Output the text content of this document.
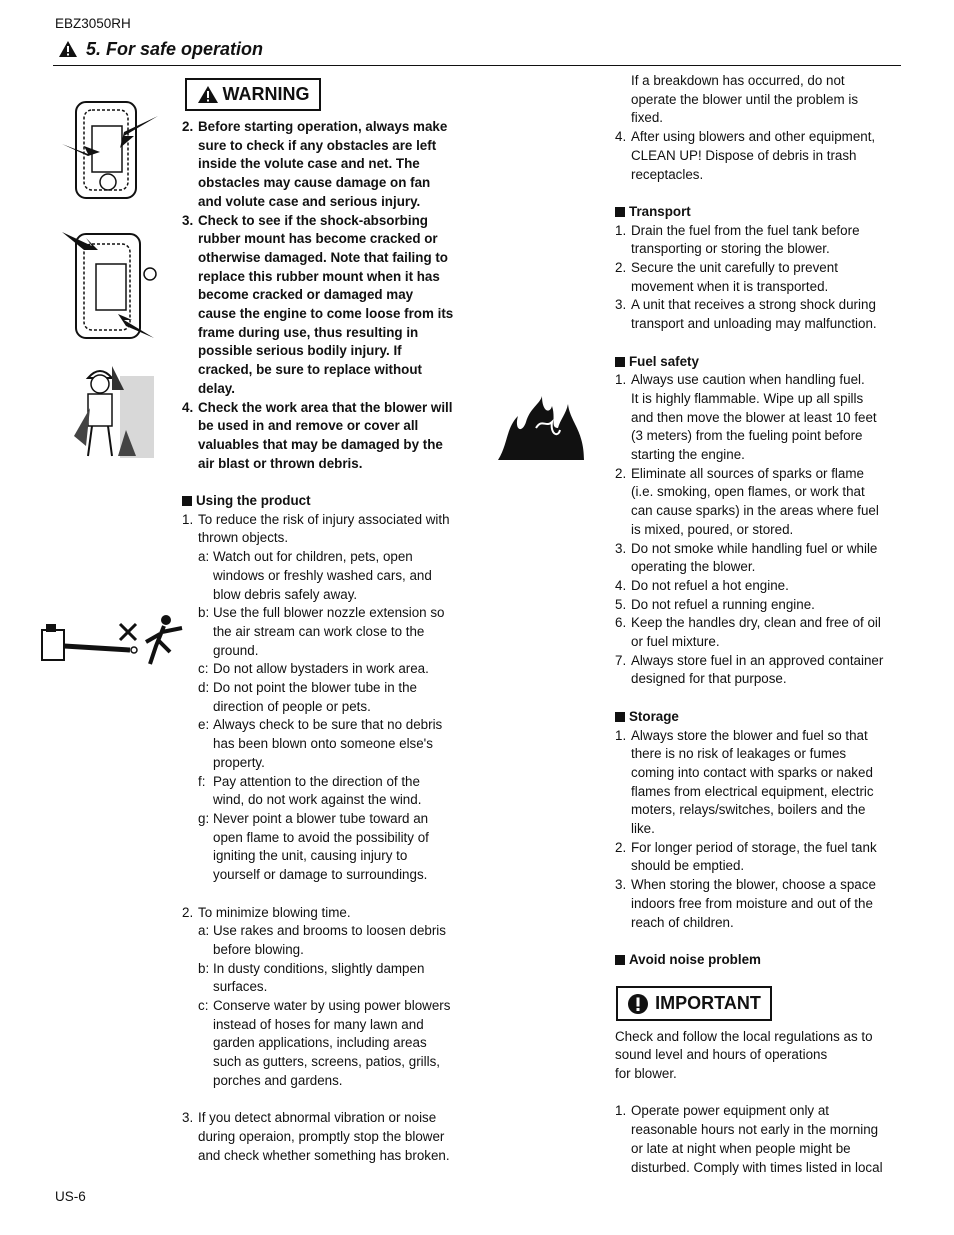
EBZ3050RH
5. For safe operation
WARNING
2. Before starting operation, always make

sure to check if any obstacles are left

inside the volute case and net. The

obstacles may cause damage on fan

and volute case and serious injury.

3. Check to see if the shock-absorbing

rubber mount has become cracked or

otherwise damaged. Note that failing to

replace this rubber mount when it has

become cracked or damaged may

cause the engine to come loose from its

frame during use, thus resulting in

possible serious bodily injury. If

cracked, be sure to replace without

delay.

4. Check the work area that the blower will

be used in and remove or cover all

valuables that may be damaged by the

air blast or thrown debris.

Using the product
1. To reduce the risk of injury associated with

thrown objects.

a: Watch out for children, pets, open

windows or freshly washed cars, and

blow debris safely away.

b: Use the full blower nozzle extension so

the air stream can work close to the

ground.

c: Do not allow bystaders in work area.

d: Do not point the blower tube in the

direction of people or pets.

e: Always check to be sure that no debris

has been blown onto someone else's

property.

f: Pay attention to the direction of the

wind, do not work against the wind.

g: Never point a blower tube toward an

open flame to avoid the possibility of

igniting the unit, causing injury to

yourself or damage to surroundings.

2. To minimize blowing time.

a: Use rakes and brooms to loosen debris

before blowing.

b: In dusty conditions, slightly dampen

surfaces.

c: Conserve water by using power blowers

instead of hoses for many lawn and

garden applications, including areas

such as gutters, screens, patios, grills,

porches and gardens.

3. If you detect abnormal vibration or noise

during operaion, promptly stop the blower

and check whether something has broken.

If a breakdown has occurred, do not

operate the blower until the problem is

fixed.

4. After using blowers and other equipment,

CLEAN UP! Dispose of debris in trash

receptacles.

Transport
1. Drain the fuel from the fuel tank before

transporting or storing the blower.

2. Secure the unit carefully to prevent

movement when it is transported.

3. A unit that receives a strong shock during

transport and unloading may malfunction.

Fuel safety
1. Always use caution when handling fuel.

It is highly flammable. Wipe up all spills

and then move the blower at least 10 feet

(3 meters) from the fueling point before

starting the engine.

2. Eliminate all sources of sparks or flame

(i.e. smoking, open flames, or work that

can cause sparks) in the areas where fuel

is mixed, poured, or stored.

3. Do not smoke while handling fuel or while

operating the blower.

4. Do not refuel a hot engine.

5. Do not refuel a running engine.

6. Keep the handles dry, clean and free of oil

or fuel mixture.

7. Always store fuel in an approved container

designed for that purpose.

Storage
1. Always store the blower and fuel so that

there is no risk of leakages or fumes

coming into contact with sparks or naked

flames from electrical equipment, electric

moters, relays/switches, boilers and the

like.

2. For longer period of storage, the fuel tank

should be emptied.

3. When storing the blower, choose a space

indoors free from moisture and out of the

reach of children.

Avoid noise problem

Check and follow the local regulations as to

sound level and hours of operations

for blower.

1. Operate power equipment only at

reasonable hours not early in the morning

or late at night when people might be

disturbed. Comply with times listed in local

IMPORTANT
US-6
